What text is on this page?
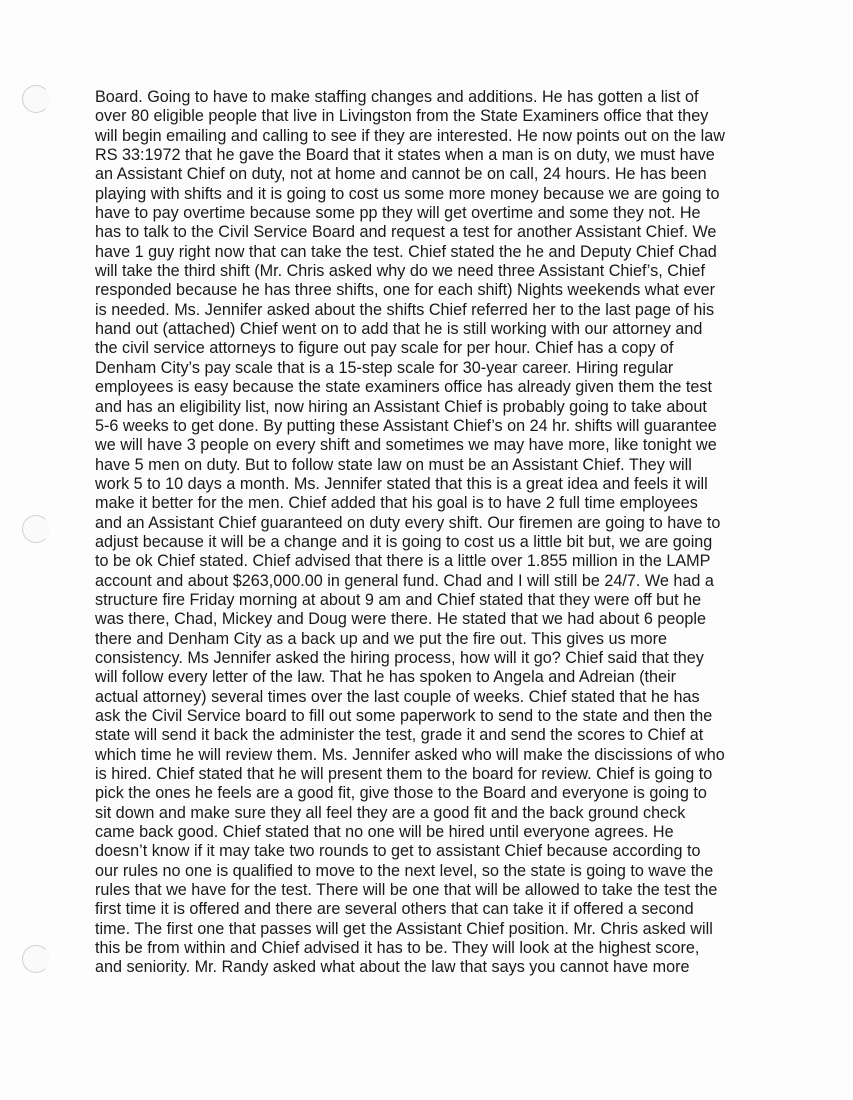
Board. Going to have to make staffing changes and additions. He has gotten a list of
over 80 eligible people that live in Livingston from the State Examiners office that they
will begin emailing and calling to see if they are interested. He now points out on the law
RS 33:1972 that he gave the Board that it states when a man is on duty, we must have
an Assistant Chief on duty, not at home and cannot be on call, 24 hours. He has been
playing with shifts and it is going to cost us some more money because we are going to
have to pay overtime because some pp they will get overtime and some they not. He
has to talk to the Civil Service Board and request a test for another Assistant Chief. We
have 1 guy right now that can take the test. Chief stated the he and Deputy Chief Chad
will take the third shift (Mr. Chris asked why do we need three Assistant Chief’s, Chief
responded because he has three shifts, one for each shift) Nights weekends what ever
is needed. Ms. Jennifer asked about the shifts Chief referred her to the last page of his
hand out (attached) Chief went on to add that he is still working with our attorney and
the civil service attorneys to figure out pay scale for per hour. Chief has a copy of
Denham City’s pay scale that is a 15-step scale for 30-year career. Hiring regular
employees is easy because the state examiners office has already given them the test
and has an eligibility list, now hiring an Assistant Chief is probably going to take about
5-6 weeks to get done. By putting these Assistant Chief’s on 24 hr. shifts will guarantee
we will have 3 people on every shift and sometimes we may have more, like tonight we
have 5 men on duty. But to follow state law on must be an Assistant Chief. They will
work 5 to 10 days a month. Ms. Jennifer stated that this is a great idea and feels it will
make it better for the men. Chief added that his goal is to have 2 full time employees
and an Assistant Chief guaranteed on duty every shift. Our firemen are going to have to
adjust because it will be a change and it is going to cost us a little bit but, we are going
to be ok Chief stated. Chief advised that there is a little over 1.855 million in the LAMP
account and about $263,000.00 in general fund. Chad and I will still be 24/7. We had a
structure fire Friday morning at about 9 am and Chief stated that they were off but he
was there, Chad, Mickey and Doug were there. He stated that we had about 6 people
there and Denham City as a back up and we put the fire out. This gives us more
consistency. Ms Jennifer asked the hiring process, how will it go? Chief said that they
will follow every letter of the law. That he has spoken to Angela and Adreian (their
actual attorney) several times over the last couple of weeks. Chief stated that he has
ask the Civil Service board to fill out some paperwork to send to the state and then the
state will send it back the administer the test, grade it and send the scores to Chief at
which time he will review them. Ms. Jennifer asked who will make the discissions of who
is hired. Chief stated that he will present them to the board for review. Chief is going to
pick the ones he feels are a good fit, give those to the Board and everyone is going to
sit down and make sure they all feel they are a good fit and the back ground check
came back good. Chief stated that no one will be hired until everyone agrees. He
doesn’t know if it may take two rounds to get to assistant Chief because according to
our rules no one is qualified to move to the next level, so the state is going to wave the
rules that we have for the test. There will be one that will be allowed to take the test the
first time it is offered and there are several others that can take it if offered a second
time. The first one that passes will get the Assistant Chief position. Mr. Chris asked will
this be from within and Chief advised it has to be. They will look at the highest score,
and seniority. Mr. Randy asked what about the law that says you cannot have more
